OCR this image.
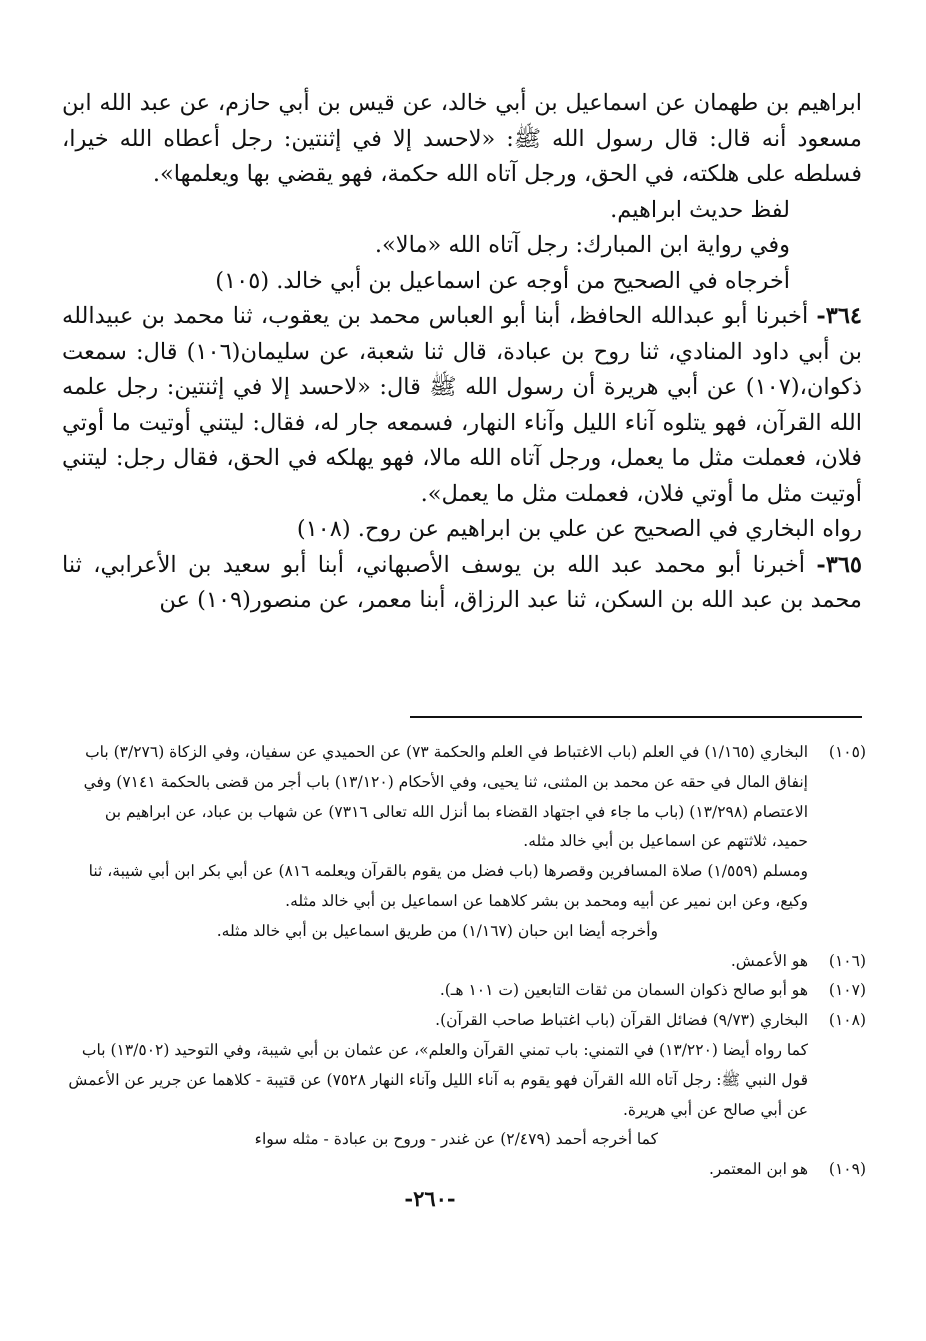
ابراهيم بن طهمان عن اسماعيل بن أبي خالد، عن قيس بن أبي حازم، عن عبد الله ابن مسعود أنه قال: قال رسول الله ﷺ: «لاحسد إلا في إثنتين: رجل أعطاه الله خيرا، فسلطه على هلكته، في الحق، ورجل آتاه الله حكمة، فهو يقضي بها ويعلمها».

لفظ حديث ابراهيم.

وفي رواية ابن المبارك: رجل آتاه الله «مالا».

أخرجاه في الصحيح من أوجه عن اسماعيل بن أبي خالد. (١٠٥)

٣٦٤- أخبرنا أبو عبدالله الحافظ، أبنا أبو العباس محمد بن يعقوب، ثنا محمد بن عبيدالله بن أبي داود المنادي، ثنا روح بن عبادة، قال ثنا شعبة، عن سليمان(١٠٦) قال: سمعت ذكوان،(١٠٧) عن أبي هريرة أن رسول الله ﷺ قال: «لاحسد إلا في إثنتين: رجل علمه الله القرآن، فهو يتلوه آناء الليل وآناء النهار، فسمعه جار له، فقال: ليتني أوتيت ما أوتي فلان، فعملت مثل ما يعمل، ورجل آتاه الله مالا، فهو يهلكه في الحق، فقال رجل: ليتني أوتيت مثل ما أوتي فلان، فعملت مثل ما يعمل».

رواه البخاري في الصحيح عن علي بن ابراهيم عن روح. (١٠٨)

٣٦٥- أخبرنا أبو محمد عبد الله بن يوسف الأصبهاني، أبنا أبو سعيد بن الأعرابي، ثنا محمد بن عبد الله بن السكن، ثنا عبد الرزاق، أبنا معمر، عن منصور(١٠٩) عن

(١٠٥)
البخاري (١/١٦٥) في العلم (باب الاغتباط في العلم والحكمة ٧٣) عن الحميدي عن سفيان، وفي الزكاة (٣/٢٧٦) باب إنفاق المال في حقه عن محمد بن المثنى، ثنا يحيى، وفي الأحكام (١٣/١٢٠) باب أجر من قضى بالحكمة ٧١٤١) وفي الاعتصام (١٣/٢٩٨) (باب ما جاء في اجتهاد القضاء بما أنزل الله تعالى ٧٣١٦) عن شهاب بن عباد، عن ابراهيم بن حميد، ثلاثتهم عن اسماعيل بن أبي خالد مثله.
ومسلم (١/٥٥٩) صلاة المسافرين وقصرها (باب فضل من يقوم بالقرآن ويعلمه ٨١٦) عن أبي بكر ابن أبي شيبة، ثنا وكيع، وعن ابن نمير عن أبيه ومحمد بن بشر كلاهما عن اسماعيل بن أبي خالد مثله.
وأخرجه أيضا ابن حبان (١/١٦٧) من طريق اسماعيل بن أبي خالد مثله.
(١٠٦)
هو الأعمش.
(١٠٧)
هو أبو صالح ذكوان السمان من ثقات التابعين (ت ١٠١ هـ).
(١٠٨)
البخاري (٩/٧٣) فضائل القرآن (باب اغتباط صاحب القرآن).
كما رواه أيضا (١٣/٢٢٠) في التمني: باب تمني القرآن والعلم»، عن عثمان بن أبي شيبة، وفي التوحيد (١٣/٥٠٢) باب قول النبي ﷺ: رجل آتاه الله القرآن فهو يقوم به آناء الليل وآناء النهار ٧٥٢٨) عن قتيبة - كلاهما عن جرير عن الأعمش عن أبي صالح عن أبي هريرة.
كما أخرجه أحمد (٢/٤٧٩) عن غندر - وروح بن عبادة - مثله سواء
(١٠٩)
هو ابن المعتمر.
-٢٦٠-
